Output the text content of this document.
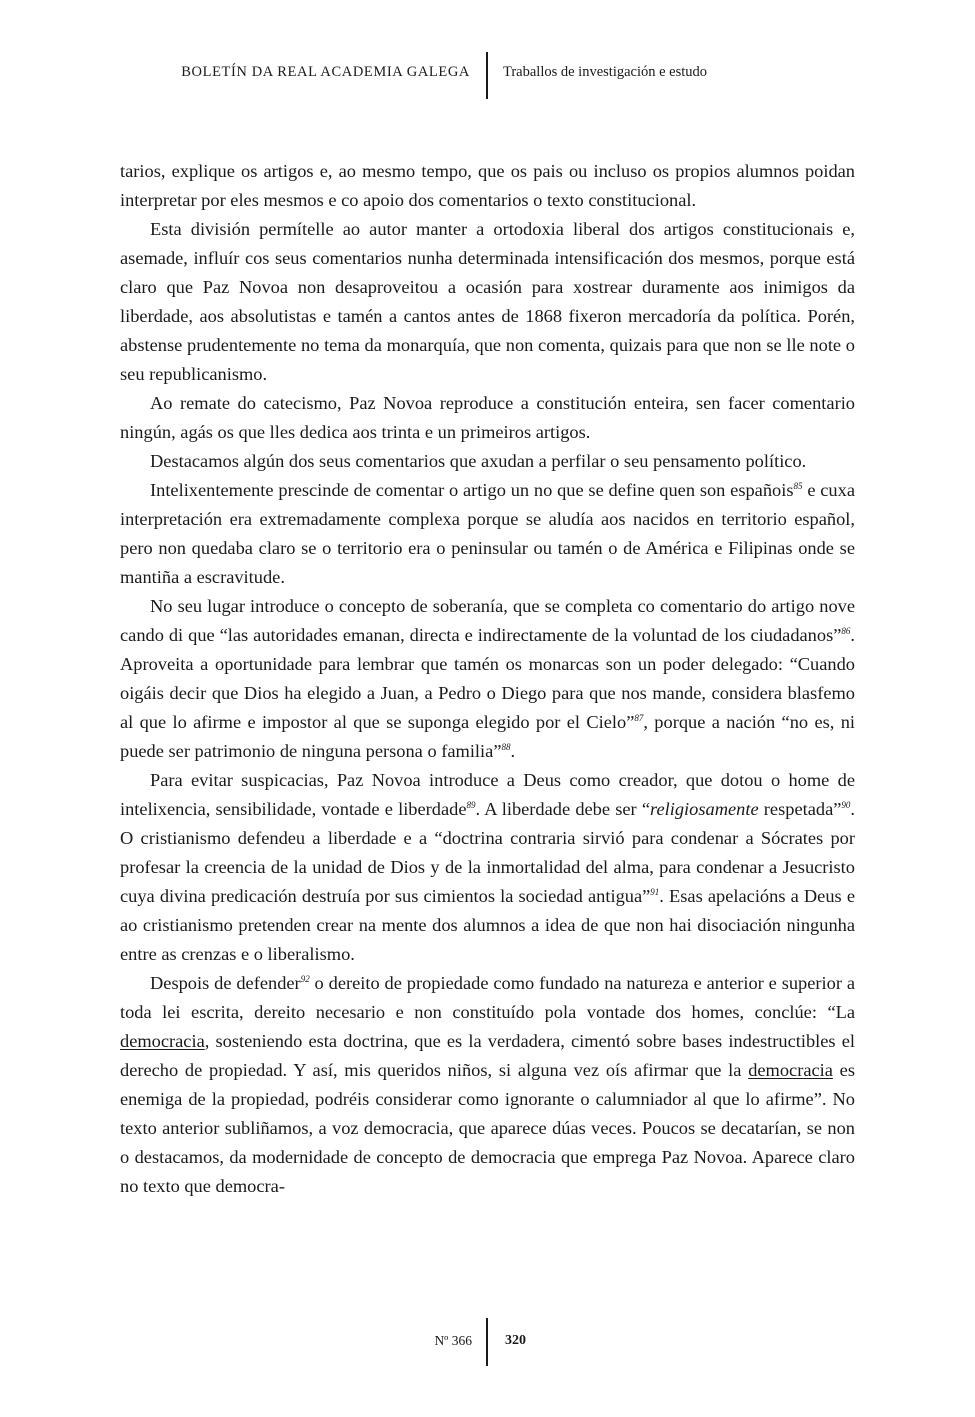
BOLETÍN DA REAL ACADEMIA GALEGA Traballos de investigación e estudo

tarios, explique os artigos e, ao mesmo tempo, que os pais ou incluso os propios alumnos poidan interpretar por eles mesmos e co apoio dos comentarios o texto constitucional.

Esta división permítelle ao autor manter a ortodoxia liberal dos artigos constitucionais e, asemade, influír cos seus comentarios nunha determinada intensificación dos mesmos, porque está claro que Paz Novoa non desaproveitou a ocasión para xostrear duramente aos inimigos da liberdade, aos absolutistas e tamén a cantos antes de 1868 fixeron mercadoría da política. Porén, abstense prudentemente no tema da monarquía, que non comenta, quizais para que non se lle note o seu republicanismo.

Ao remate do catecismo, Paz Novoa reproduce a constitución enteira, sen facer comentario ningún, agás os que lles dedica aos trinta e un primeiros artigos.

Destacamos algún dos seus comentarios que axudan a perfilar o seu pensamento político.

Intelixentemente prescinde de comentar o artigo un no que se define quen son españois$^{85}$ e cuxa interpretación era extremadamente complexa porque se aludía aos nacidos en territorio español, pero non quedaba claro se o territorio era o peninsular ou tamén o de América e Filipinas onde se mantiña a escravitude.

No seu lugar introduce o concepto de soberanía, que se completa co comentario do artigo nove cando di que “las autoridades emanan, directa e indirectamente de la voluntad de los ciudadanos”$^{86}$. Aproveita a oportunidade para lembrar que tamén os monarcas son un poder delegado: “Cuando oigáis decir que Dios ha elegido a Juan, a Pedro o Diego para que nos mande, considera blasfemo al que lo afirme e impostor al que se suponga elegido por el Cielo”$^{87}$, porque a nación “no es, ni puede ser patrimonio de ninguna persona o familia”$^{88}$.

Para evitar suspicacias, Paz Novoa introduce a Deus como creador, que dotou o home de intelixencia, sensibilidade, vontade e liberdade$^{89}$. A liberdade debe ser “religiosamente respetada”$^{90}$. O cristianismo defendeu a liberdade e a “doctrina contraria sirvió para condenar a Sócrates por profesar la creencia de la unidad de Dios y de la inmortalidad del alma, para condenar a Jesucristo cuya divina predicación destruía por sus cimientos la sociedad antigua”$^{91}$. Esas apelacións a Deus e ao cristianismo pretenden crear na mente dos alumnos a idea de que non hai disociación ningunha entre as crenzas e o liberalismo.

Despois de defender$^{92}$ o dereito de propiedade como fundado na natureza e anterior e superior a toda lei escrita, dereito necesario e non constituído pola vontade dos homes, conclúe: “La democracia, sosteniendo esta doctrina, que es la verdadera, cimentó sobre bases indestructibles el derecho de propiedad. Y así, mis queridos niños, si alguna vez oís afirmar que la democracia es enemiga de la propiedad, podréis considerar como ignorante o calumniador al que lo afirme”. No texto anterior subliñamos, a voz democracia, que aparece dúas veces. Poucos se decatarían, se non o destacamos, da modernidade de concepto de democracia que emprega Paz Novoa. Aparece claro no texto que democra-

Nº 366 320
